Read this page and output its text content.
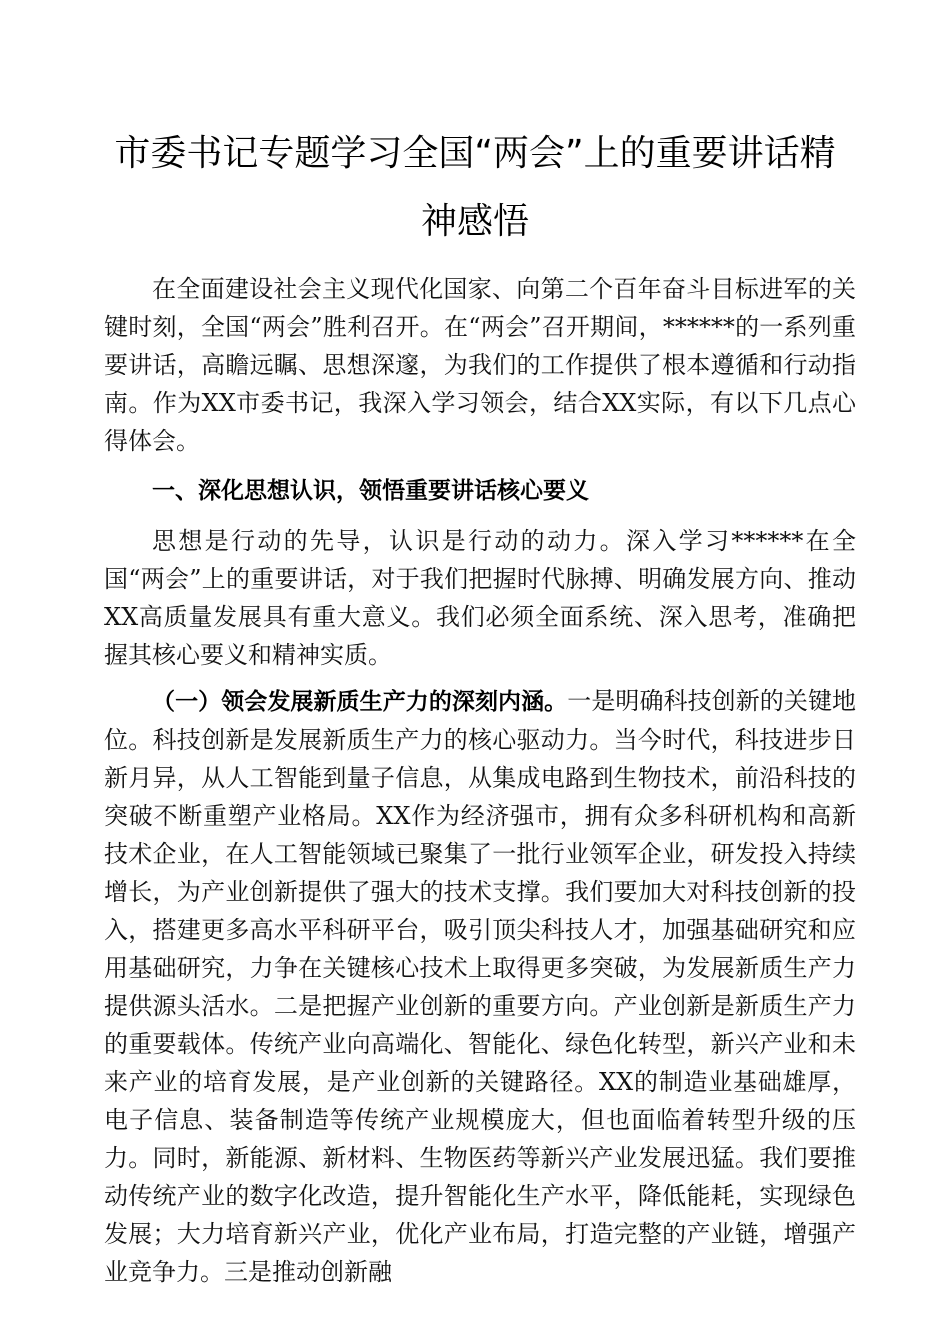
市委书记专题学习全国“两会”上的重要讲话精
神感悟

在全面建设社会主义现代化国家、向第二个百年奋斗目标进军的关键时刻，全国“两会”胜利召开。在“两会”召开期间，******的一系列重要讲话，高瞻远瞩、思想深邃，为我们的工作提供了根本遵循和行动指南。作为XX市委书记，我深入学习领会，结合XX实际，有以下几点心得体会。

一、深化思想认识，领悟重要讲话核心要义

思想是行动的先导，认识是行动的动力。深入学习******在全国“两会”上的重要讲话，对于我们把握时代脉搏、明确发展方向、推动XX高质量发展具有重大意义。我们必须全面系统、深入思考，准确把握其核心要义和精神实质。

（一）领会发展新质生产力的深刻内涵。一是明确科技创新的关键地位。科技创新是发展新质生产力的核心驱动力。当今时代，科技进步日新月异，从人工智能到量子信息，从集成电路到生物技术，前沿科技的突破不断重塑产业格局。XX作为经济强市，拥有众多科研机构和高新技术企业，在人工智能领域已聚集了一批行业领军企业，研发投入持续增长，为产业创新提供了强大的技术支撑。我们要加大对科技创新的投入，搭建更多高水平科研平台，吸引顶尖科技人才，加强基础研究和应用基础研究，力争在关键核心技术上取得更多突破，为发展新质生产力提供源头活水。二是把握产业创新的重要方向。产业创新是新质生产力的重要载体。传统产业向高端化、智能化、绿色化转型，新兴产业和未来产业的培育发展，是产业创新的关键路径。XX的制造业基础雄厚，电子信息、装备制造等传统产业规模庞大，但也面临着转型升级的压力。同时，新能源、新材料、生物医药等新兴产业发展迅猛。我们要推动传统产业的数字化改造，提升智能化生产水平，降低能耗，实现绿色发展；大力培育新兴产业，优化产业布局，打造完整的产业链，增强产业竞争力。三是推动创新融
